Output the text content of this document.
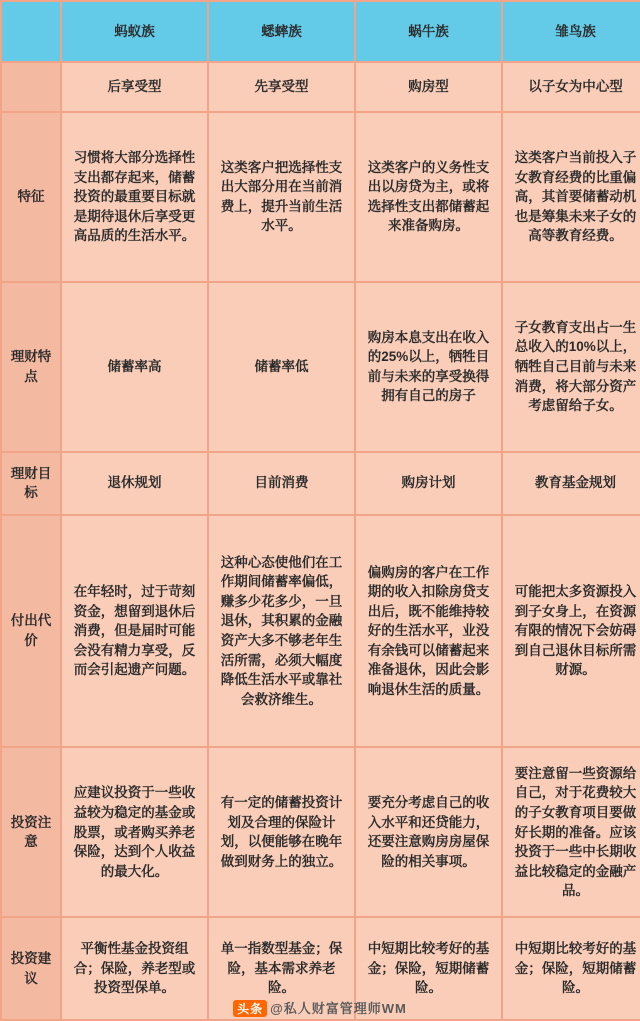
	蚂蚁族	蟋蟀族	蜗牛族	雏鸟族
	后享受型	先享受型	购房型	以子女为中心型
特征	习惯将大部分选择性支出都存起来，储蓄投资的最重要目标就是期待退休后享受更高品质的生活水平。	这类客户把选择性支出大部分用在当前消费上，提升当前生活水平。	这类客户的义务性支出以房贷为主，或将选择性支出都储蓄起来准备购房。	这类客户当前投入子女教育经费的比重偏高，其首要储蓄动机也是筹集未来子女的高等教育经费。
理财特点	储蓄率高	储蓄率低	购房本息支出在收入的25%以上，牺牲目前与未来的享受换得拥有自己的房子	子女教育支出占一生总收入的10%以上，牺牲自己目前与未来消费，将大部分资产考虑留给子女。
理财目标	退休规划	目前消费	购房计划	教育基金规划
付出代价	在年轻时，过于苛刻资金，想留到退休后消费，但是届时可能会没有精力享受，反而会引起遗产问题。	这种心态使他们在工作期间储蓄率偏低，赚多少花多少，一旦退休，其积累的金融资产大多不够老年生活所需，必须大幅度降低生活水平或靠社会救济维生。	偏购房的客户在工作期的收入扣除房贷支出后，既不能维持较好的生活水平，业没有余钱可以储蓄起来准备退休，因此会影响退休生活的质量。	可能把太多资源投入到子女身上，在资源有限的情况下会妨碍到自己退休目标所需财源。
投资注意	应建议投资于一些收益较为稳定的基金或股票，或者购买养老保险，达到个人收益的最大化。	有一定的储蓄投资计划及合理的保险计划，以便能够在晚年做到财务上的独立。	要充分考虑自己的收入水平和还贷能力，还要注意购房房屋保险的相关事项。	要注意留一些资源给自己，对于花费较大的子女教育项目要做好长期的准备。应该投资于一些中长期收益比较稳定的金融产品。
投资建议	平衡性基金投资组合；保险，养老型或投资型保单。	单一指数型基金；保险，基本需求养老险。	中短期比较考好的基金；保险，短期储蓄险。	中短期比较考好的基金；保险，短期储蓄险。
头条 @私人财富管理师WM
